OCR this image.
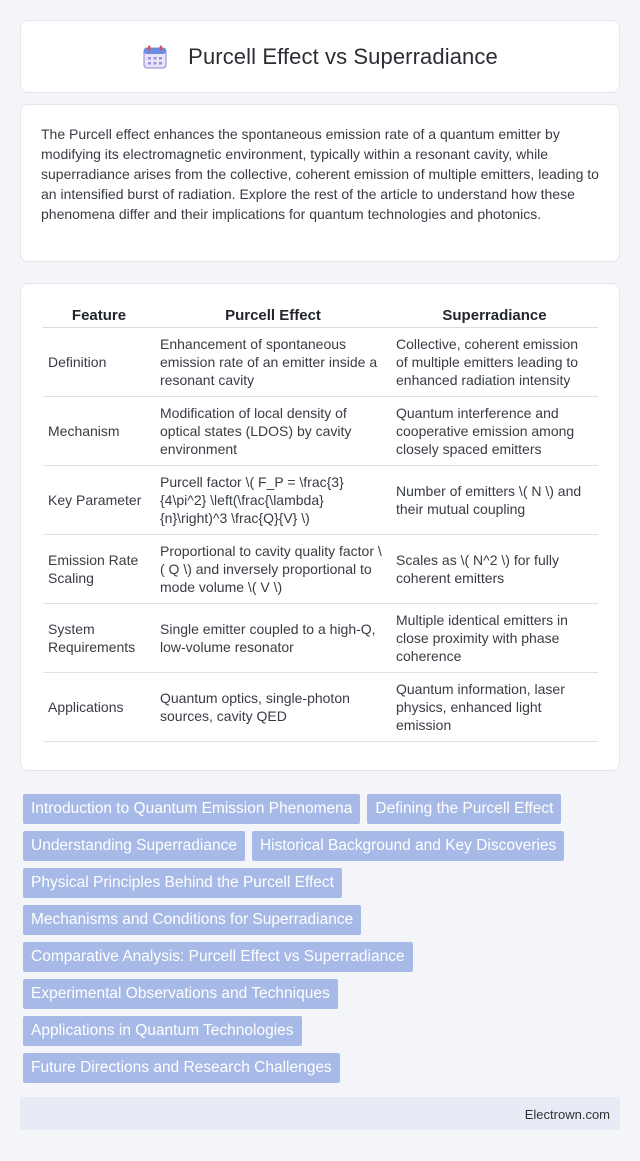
Purcell Effect vs Superradiance

The Purcell effect enhances the spontaneous emission rate of a quantum emitter by modifying its electromagnetic environment, typically within a resonant cavity, while superradiance arises from the collective, coherent emission of multiple emitters, leading to an intensified burst of radiation. Explore the rest of the article to understand how these phenomena differ and their implications for quantum technologies and photonics.

Feature	Purcell Effect	Superradiance
Definition	Enhancement of spontaneous emission rate of an emitter inside a resonant cavity	Collective, coherent emission of multiple emitters leading to enhanced radiation intensity
Mechanism	Modification of local density of optical states (LDOS) by cavity environment	Quantum interference and cooperative emission among closely spaced emitters
Key Parameter	Purcell factor \( F_P = \frac{3}{4\pi^2} \left(\frac{\lambda}{n}\right)^3 \frac{Q}{V} \)	Number of emitters \( N \) and their mutual coupling
Emission Rate Scaling	Proportional to cavity quality factor \( Q \) and inversely proportional to mode volume \( V \)	Scales as \( N^2 \) for fully coherent emitters
System Requirements	Single emitter coupled to a high-Q, low-volume resonator	Multiple identical emitters in close proximity with phase coherence
Applications	Quantum optics, single-photon sources, cavity QED	Quantum information, laser physics, enhanced light emission
Introduction to Quantum Emission Phenomena	Defining the Purcell Effect
Understanding Superradiance	Historical Background and Key Discoveries
Physical Principles Behind the Purcell Effect
Mechanisms and Conditions for Superradiance
Comparative Analysis: Purcell Effect vs Superradiance
Experimental Observations and Techniques
Applications in Quantum Technologies
Future Directions and Research Challenges
Electrown.com
